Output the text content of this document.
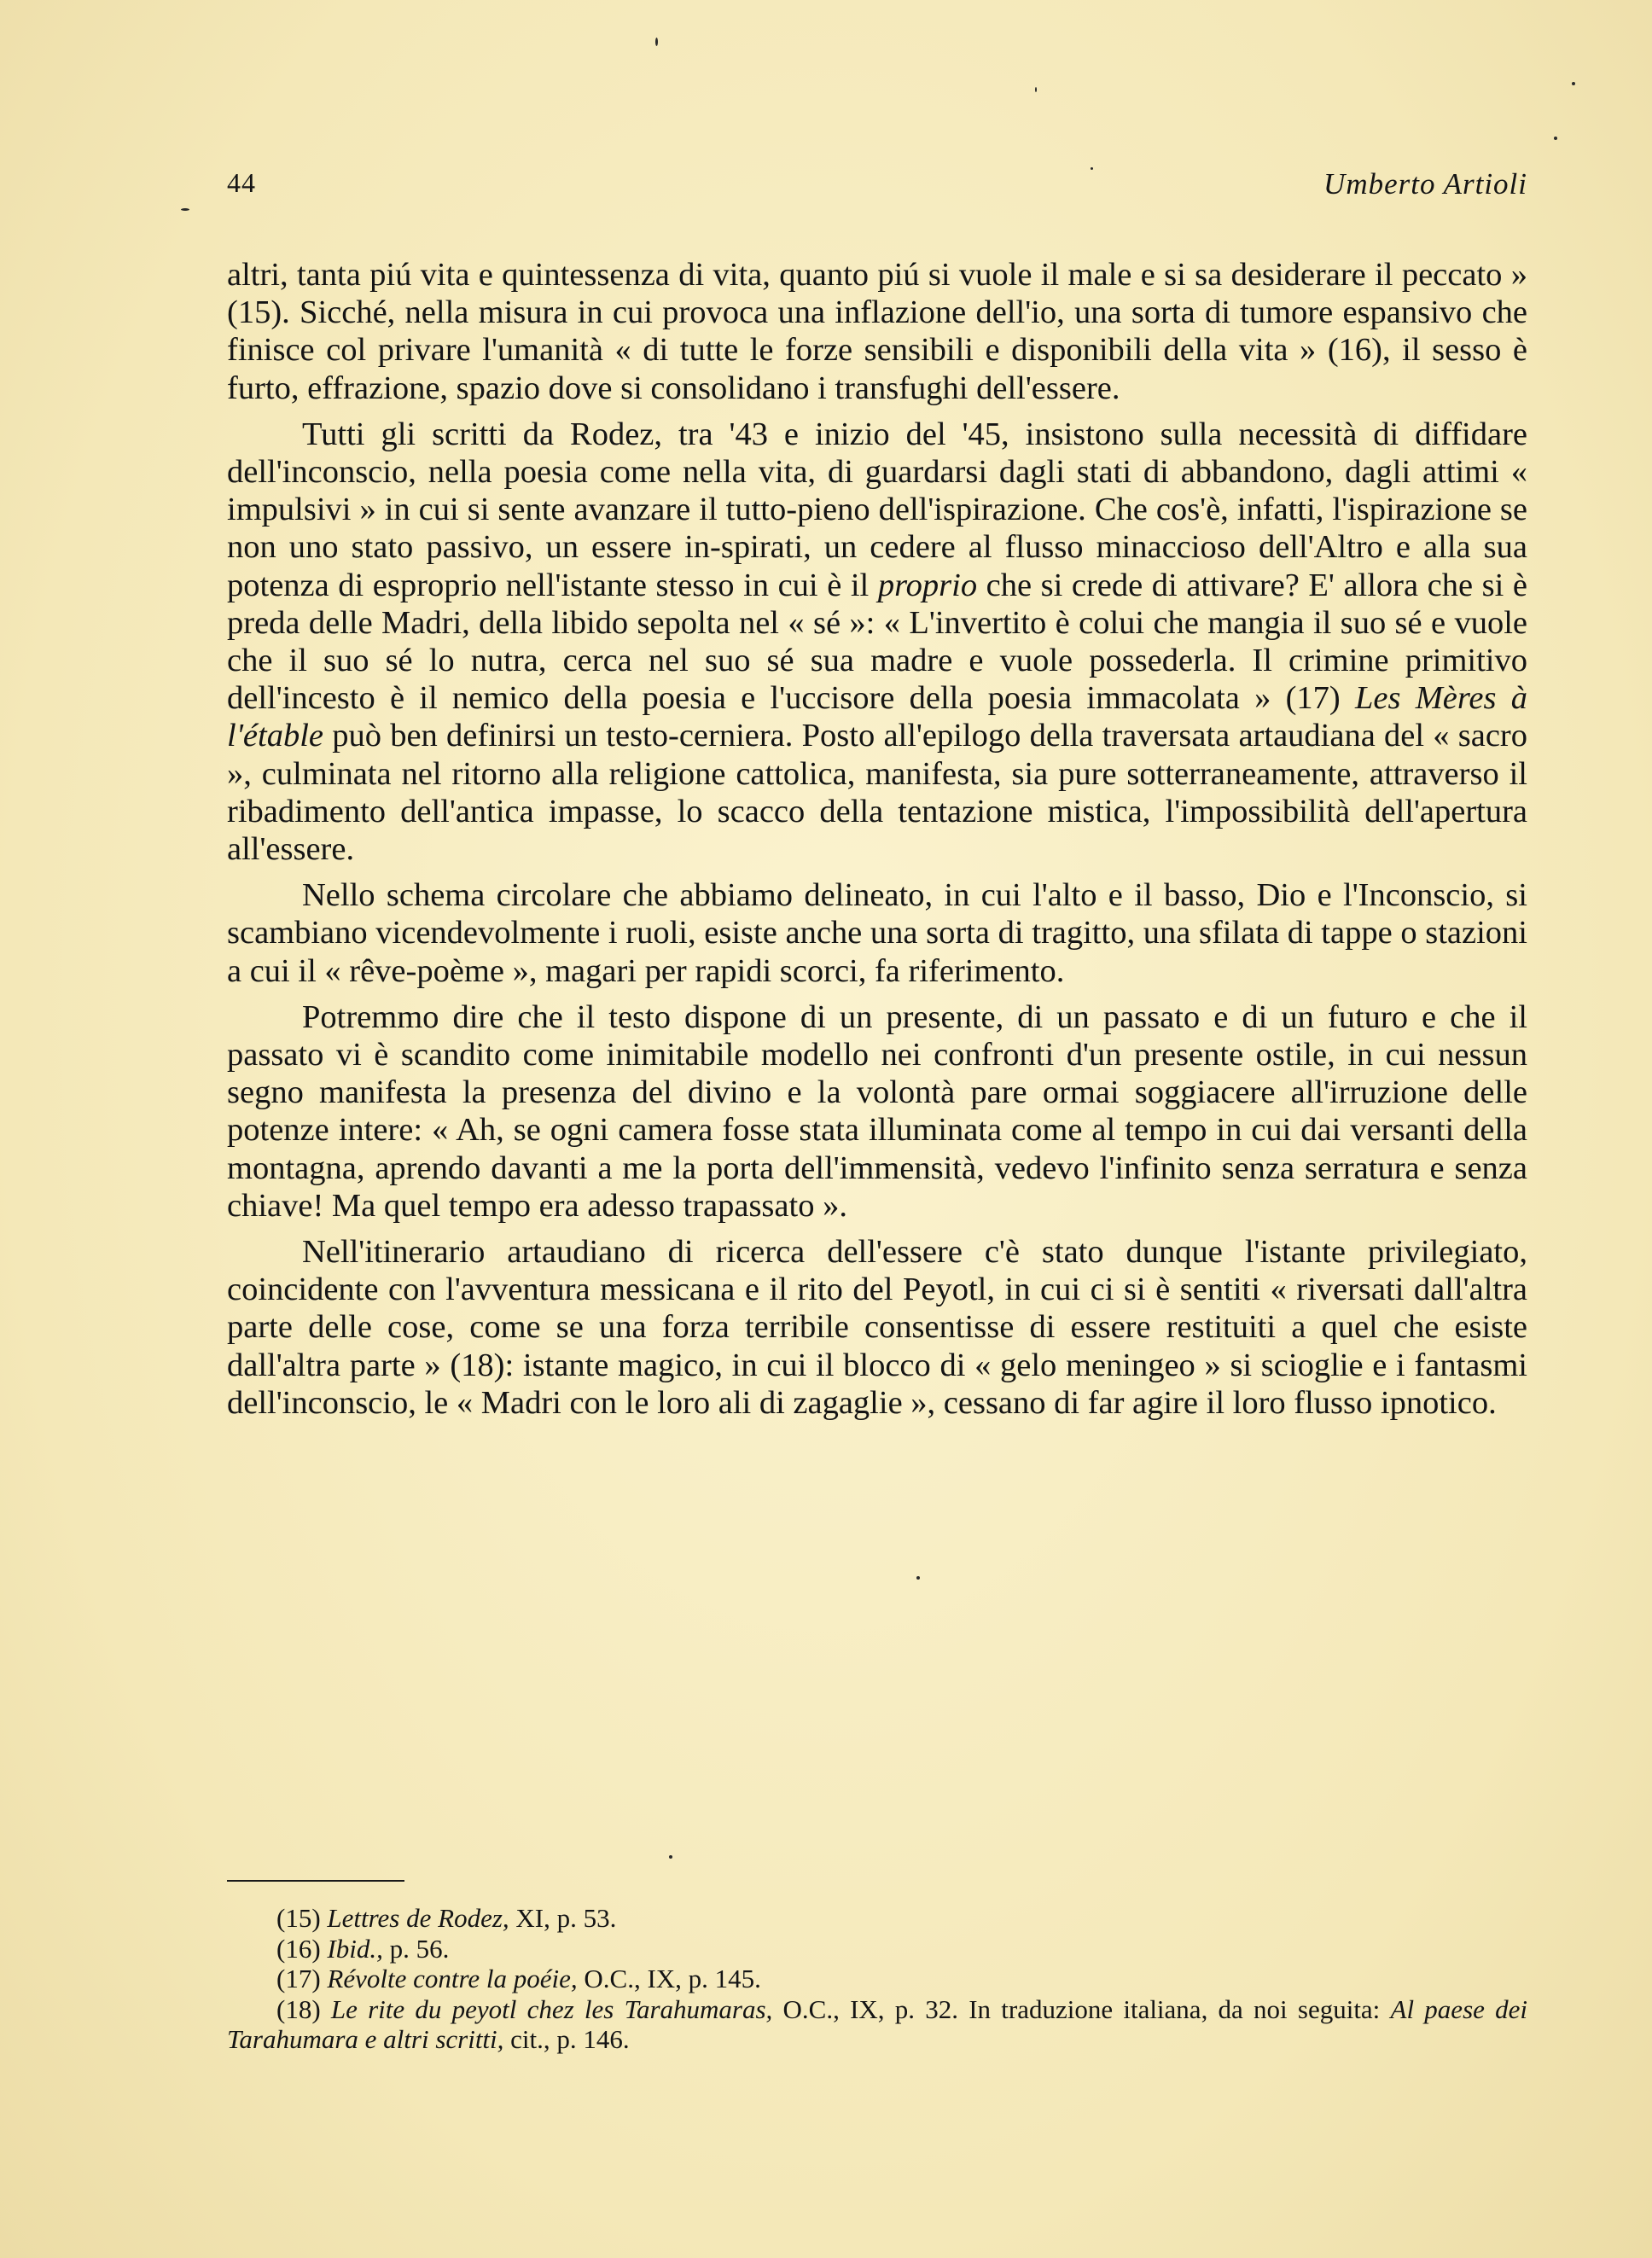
44	Umberto Artioli

altri, tanta piú vita e quintessenza di vita, quanto piú si vuole il male e si sa desiderare il peccato » (15). Sicché, nella misura in cui provoca una inflazione dell'io, una sorta di tumore espansivo che finisce col privare l'umanità « di tutte le forze sensibili e disponibili della vita » (16), il sesso è furto, effrazione, spazio dove si consolidano i transfughi dell'essere.

Tutti gli scritti da Rodez, tra '43 e inizio del '45, insistono sulla necessità di diffidare dell'inconscio, nella poesia come nella vita, di guardarsi dagli stati di abbandono, dagli attimi « impulsivi » in cui si sente avanzare il tutto-pieno dell'ispirazione. Che cos'è, infatti, l'ispirazione se non uno stato passivo, un essere in-spirati, un cedere al flusso minaccioso dell'Altro e alla sua potenza di esproprio nell'istante stesso in cui è il proprio che si crede di attivare? E' allora che si è preda delle Madri, della libido sepolta nel « sé »: « L'invertito è colui che mangia il suo sé e vuole che il suo sé lo nutra, cerca nel suo sé sua madre e vuole possederla. Il crimine primitivo dell'incesto è il nemico della poesia e l'uccisore della poesia immacolata » (17) Les Mères à l'étable può ben definirsi un testo-cerniera. Posto all'epilogo della traversata artaudiana del « sacro », culminata nel ritorno alla religione cattolica, manifesta, sia pure sotterraneamente, attraverso il ribadimento dell'antica impasse, lo scacco della tentazione mistica, l'impossibilità dell'apertura all'essere.

Nello schema circolare che abbiamo delineato, in cui l'alto e il basso, Dio e l'Inconscio, si scambiano vicendevolmente i ruoli, esiste anche una sorta di tragitto, una sfilata di tappe o stazioni a cui il « rêve-poème », magari per rapidi scorci, fa riferimento.

Potremmo dire che il testo dispone di un presente, di un passato e di un futuro e che il passato vi è scandito come inimitabile modello nei confronti d'un presente ostile, in cui nessun segno manifesta la presenza del divino e la volontà pare ormai soggiacere all'irruzione delle potenze intere: « Ah, se ogni camera fosse stata illuminata come al tempo in cui dai versanti della montagna, aprendo davanti a me la porta dell'immensità, vedevo l'infinito senza serratura e senza chiave! Ma quel tempo era adesso trapassato ».

Nell'itinerario artaudiano di ricerca dell'essere c'è stato dunque l'istante privilegiato, coincidente con l'avventura messicana e il rito del Peyotl, in cui ci si è sentiti « riversati dall'altra parte delle cose, come se una forza terribile consentisse di essere restituiti a quel che esiste dall'altra parte » (18): istante magico, in cui il blocco di « gelo meningeo » si scioglie e i fantasmi dell'inconscio, le « Madri con le loro ali di zagaglie », cessano di far agire il loro flusso ipnotico.

(15) Lettres de Rodez, XI, p. 53.

(16) Ibid., p. 56.

(17) Révolte contre la poéie, O.C., IX, p. 145.

(18) Le rite du peyotl chez les Tarahumaras, O.C., IX, p. 32. In traduzione italiana, da noi seguita: Al paese dei Tarahumara e altri scritti, cit., p. 146.
